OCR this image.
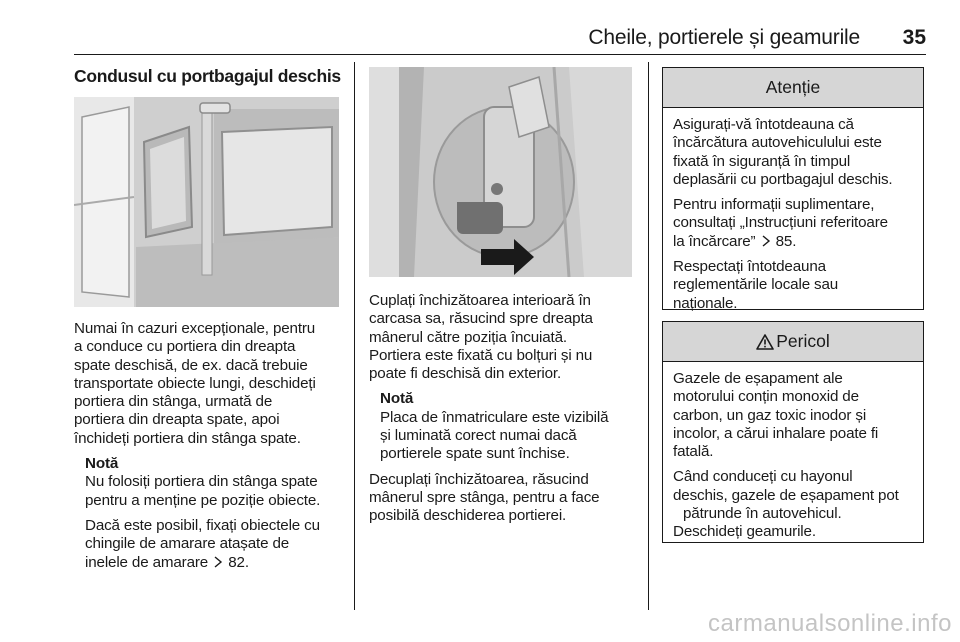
Cheile, portierele și geamurile 35
Condusul cu portbagajul deschis
Numai în cazuri excepționale, pentru
a conduce cu portiera din dreapta
spate deschisă, de ex. dacă trebuie
transportate obiecte lungi, deschideți
portiera din stânga, urmată de
portiera din dreapta spate, apoi
închideți portiera din stânga spate.
Notă
Nu folosiți portiera din stânga spate
pentru a menține pe poziție obiecte.
Dacă este posibil, fixați obiectele cu
chingile de amarare atașate de
inelele de amarare 82.
Cuplați închizătoarea interioară în
carcasa sa, răsucind spre dreapta
mânerul către poziția încuiată.
Portiera este fixată cu bolțuri și nu
poate fi deschisă din exterior.
Notă
Placa de înmatriculare este vizibilă
și luminată corect numai dacă
portierele spate sunt închise.
Decuplați închizătoarea, răsucind
mânerul spre stânga, pentru a face
posibilă deschiderea portierei.
Atenție

Asigurați-vă întotdeauna că
încărcătura autovehiculului este
fixată în siguranță în timpul
deplasării cu portbagajul deschis.

Pentru informații suplimentare,
consultați „Instrucțiuni referitoare
la încărcare” 85.

Respectați întotdeauna
reglementările locale sau
naționale.

Pericol

Gazele de eșapament ale
motorului conțin monoxid de
carbon, un gaz toxic inodor și
incolor, a cărui inhalare poate fi
fatală.

Când conduceți cu hayonul
deschis, gazele de eșapament pot
pătrunde în autovehicul.
Deschideți geamurile.

carmanualsonline.info
